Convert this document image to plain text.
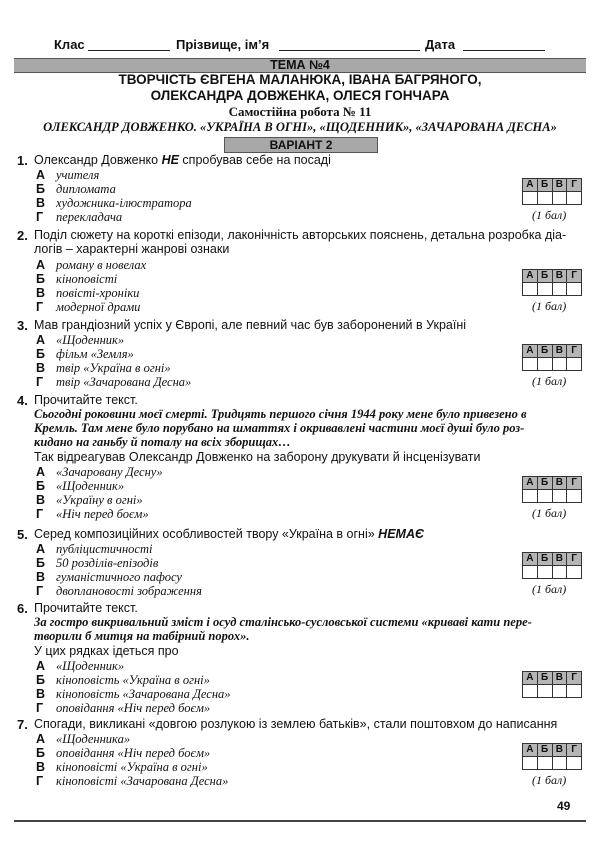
Клас	Прізвище, ім’я	Дата
ТЕМА №4
ТВОРЧІСТЬ ЄВГЕНА МАЛАНЮКА, ІВАНА БАГРЯНОГО,
ОЛЕКСАНДРА ДОВЖЕНКА, ОЛЕСЯ ГОНЧАРА
Самостійна робота № 11
ОЛЕКСАНДР ДОВЖЕНКО. «УКРАЇНА В ОГНІ», «ЩОДЕННИК», «ЗАЧАРОВАНА ДЕСНА»
ВАРІАНТ 2
1. Олександр Довженко НЕ спробував себе на посаді
А учителя
Б дипломата
В художника-ілюстратора
Г перекладача
А	Б	В	Г

(1 бал)
2. Поділ сюжету на короткі епізоди, лаконічність авторських пояснень, детальна розробка діа-
логів – характерні жанрові ознаки
А роману в новелах
Б кіноповісті
В повісті-хроніки
Г модерної драми
А	Б	В	Г

(1 бал)
3. Мав грандіозний успіх у Європі, але певний час був заборонений в Україні
А «Щоденник»
Б фільм «Земля»
В твір «Україна в огні»
Г твір «Зачарована Десна»
А	Б	В	Г

(1 бал)
4. Прочитайте текст.
Сьогодні роковини моєї смерті. Тридцять першого січня 1944 року мене було привезено в
Кремль. Там мене було порубано на шматтях і окривавлені частини моєї душі було роз-
кидано на ганьбу й поталу на всіх зборищах…
Так відреагував Олександр Довженко на заборону друкувати й інсценізувати
А «Зачаровану Десну»
Б «Щоденник»
В «Україну в огні»
Г «Ніч перед боєм»
А	Б	В	Г

(1 бал)
5. Серед композиційних особливостей твору «Україна в огні» НЕМАЄ
А публіцистичності
Б 50 розділів-епізодів
В гуманістичного пафосу
Г двоплановості зображення
А	Б	В	Г

(1 бал)
6. Прочитайте текст.
За гостро викривальний зміст і осуд сталінсько-сусловської системи «криваві кати пере-
творили б митця на табірний порох».
У цих рядках ідеться про
А «Щоденник»
Б кіноповість «Україна в огні»
В кіноповість «Зачарована Десна»
Г оповідання «Ніч перед боєм»
А	Б	В	Г

7. Спогади, викликані «довгою розлукою із землею батьків», стали поштовхом до написання
А «Щоденника»
Б оповідання «Ніч перед боєм»
В кіноповісті «Україна в огні»
Г кіноповісті «Зачарована Десна»
А	Б	В	Г

(1 бал)
49
